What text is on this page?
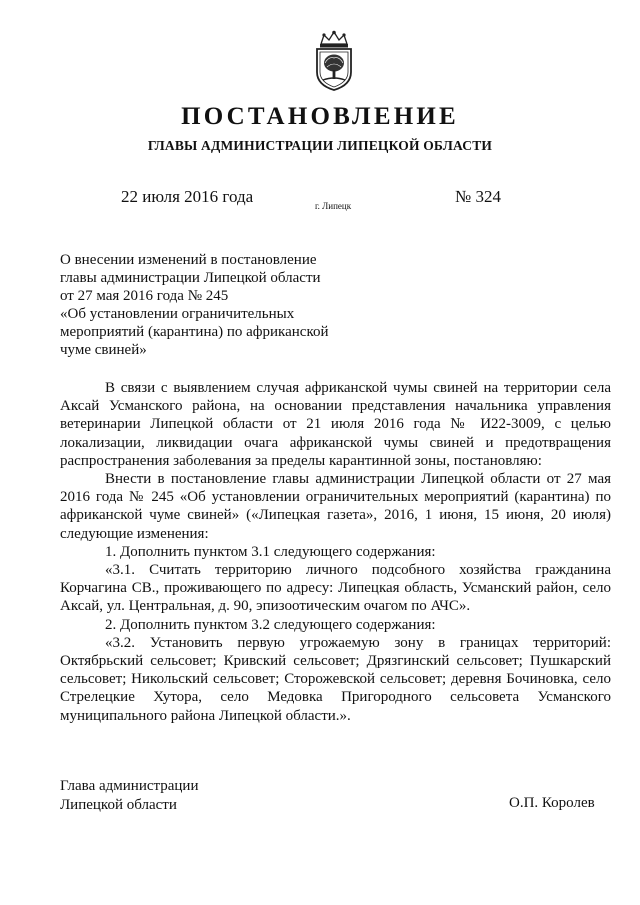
ПОСТАНОВЛЕНИЕ
ГЛАВЫ АДМИНИСТРАЦИИ ЛИПЕЦКОЙ ОБЛАСТИ
22 июля 2016 года	г. Липецк	№ 324
О внесении изменений в постановление
главы администрации Липецкой области
от 27 мая 2016 года № 245
«Об установлении ограничительных
мероприятий (карантина) по африканской
чуме свиней»

В связи с выявлением случая африканской чумы свиней на территории села Аксай Усманского района, на основании представления начальника управления ветеринарии Липецкой области от 21 июля 2016 года № И22-3009, с целью локализации, ликвидации очага африканской чумы свиней и предотвращения распространения заболевания за пределы карантинной зоны, постановляю:

Внести в постановление главы администрации Липецкой области от 27 мая 2016 года № 245 «Об установлении ограничительных мероприятий (карантина) по африканской чуме свиней» («Липецкая газета», 2016, 1 июня, 15 июня, 20 июля) следующие изменения:

1. Дополнить пунктом 3.1 следующего содержания:

«3.1. Считать территорию личного подсобного хозяйства гражданина Корчагина СВ., проживающего по адресу: Липецкая область, Усманский район, село Аксай, ул. Центральная, д. 90, эпизоотическим очагом по АЧС».

2. Дополнить пунктом 3.2 следующего содержания:

«3.2. Установить первую угрожаемую зону в границах территорий: Октябрьский сельсовет; Кривский сельсовет; Дрязгинский сельсовет; Пушкарский сельсовет; Никольский сельсовет; Сторожевской сельсовет; деревня Бочиновка, село Стрелецкие Хутора, село Медовка Пригородного сельсовета Усманского муниципального района Липецкой области.».

Глава администрации
Липецкой области	О.П. Королев
